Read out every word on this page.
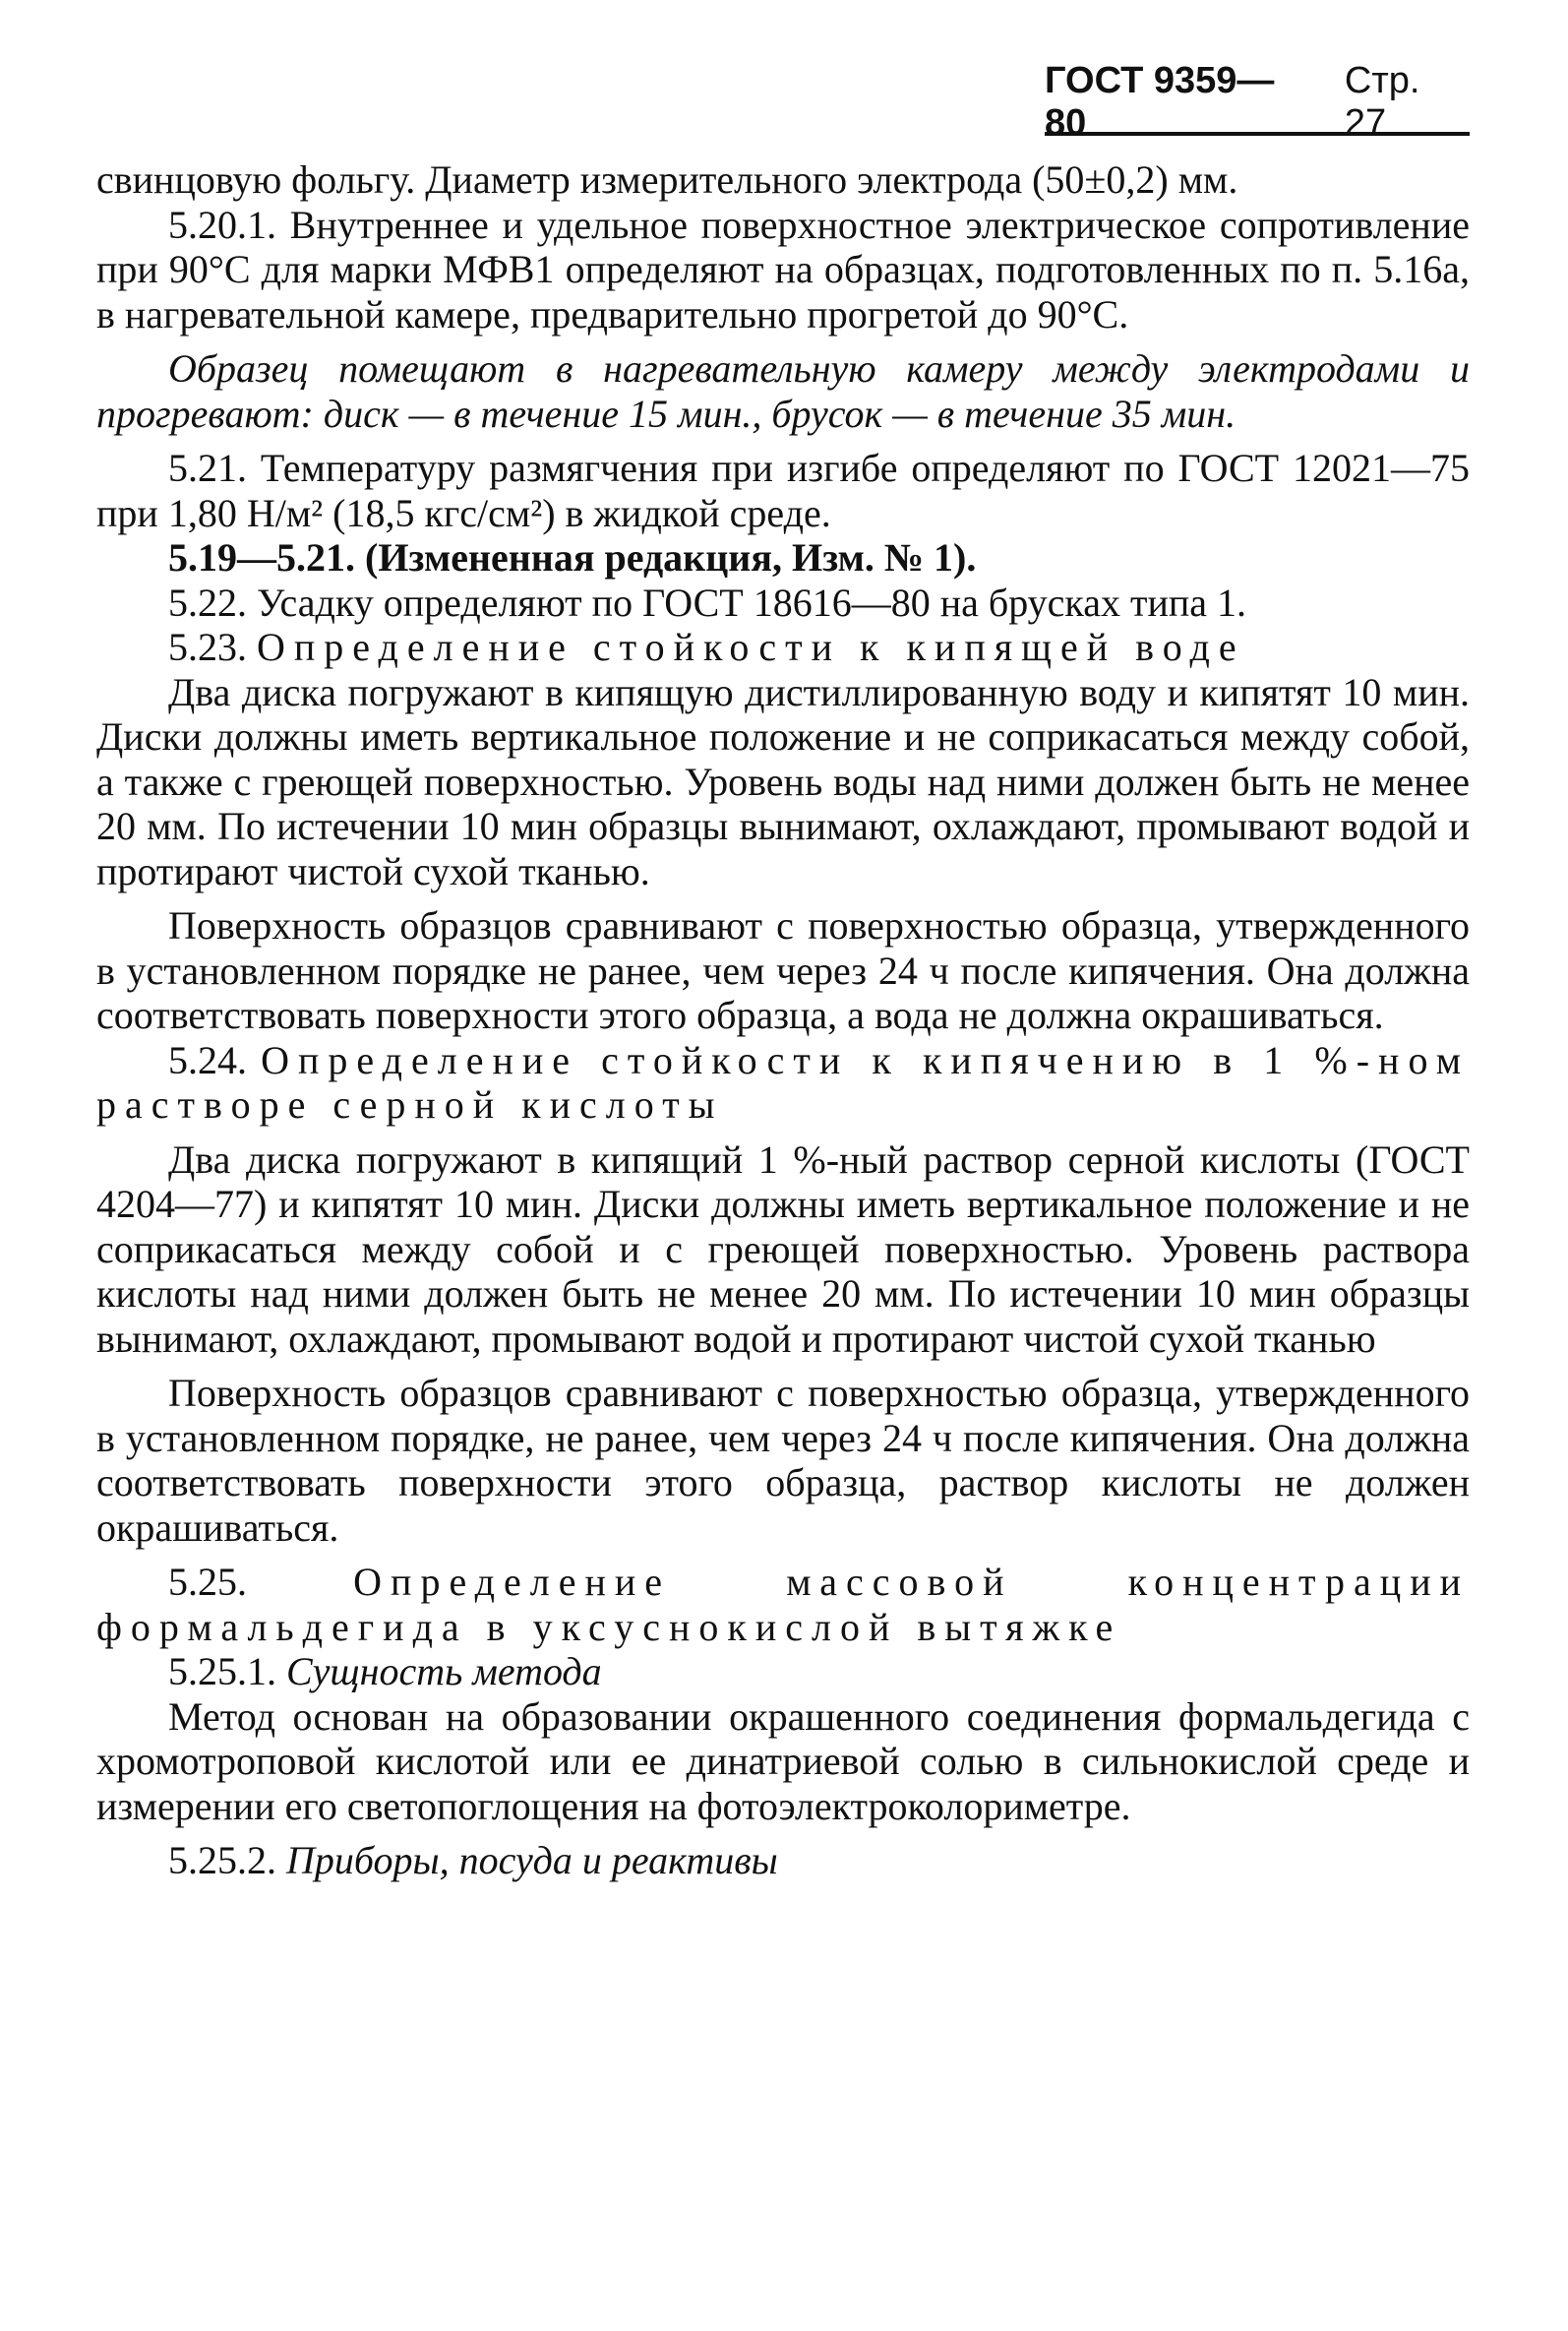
ГОСТ 9359—80
Стр. 27

свинцовую фольгу. Диаметр измерительного электрода (50±0,2) мм.

5.20.1. Внутреннее и удельное поверхностное электрическое сопротивление при 90°С для марки МФВ1 определяют на образцах, подготовленных по п. 5.16а, в нагревательной камере, предварительно прогретой до 90°С.

Образец помещают в нагревательную камеру между электродами и прогревают: диск — в течение 15 мин., брусок — в течение 35 мин.

5.21. Температуру размягчения при изгибе определяют по ГОСТ 12021—75 при 1,80 Н/м² (18,5 кгс/см²) в жидкой среде.

5.19—5.21. (Измененная редакция, Изм. № 1).

5.22. Усадку определяют по ГОСТ 18616—80 на брусках типа 1.

5.23. Определение стойкости к кипящей воде

Два диска погружают в кипящую дистиллированную воду и кипятят 10 мин. Диски должны иметь вертикальное положение и не соприкасаться между собой, а также с греющей поверхностью. Уровень воды над ними должен быть не менее 20 мм. По истечении 10 мин образцы вынимают, охлаждают, промывают водой и протирают чистой сухой тканью.

Поверхность образцов сравнивают с поверхностью образца, утвержденного в установленном порядке не ранее, чем через 24 ч после кипячения. Она должна соответствовать поверхности этого образца, а вода не должна окрашиваться.

5.24. Определение стойкости к кипячению в 1 %-ном растворе серной кислоты

Два диска погружают в кипящий 1 %-ный раствор серной кислоты (ГОСТ 4204—77) и кипятят 10 мин. Диски должны иметь вертикальное положение и не соприкасаться между собой и с греющей поверхностью. Уровень раствора кислоты над ними должен быть не менее 20 мм. По истечении 10 мин образцы вынимают, охлаждают, промывают водой и протирают чистой сухой тканью

Поверхность образцов сравнивают с поверхностью образца, утвержденного в установленном порядке, не ранее, чем через 24 ч после кипячения. Она должна соответствовать поверхности этого образца, раствор кислоты не должен окрашиваться.

5.25.	Определение массовой концентрации формальдегида в уксуснокислой вытяжке

5.25.1. Сущность метода

Метод основан на образовании окрашенного соединения формальдегида с хромотроповой кислотой или ее динатриевой солью в сильнокислой среде и измерении его светопоглощения на фотоэлектроколориметре.

5.25.2. Приборы, посуда и реактивы
